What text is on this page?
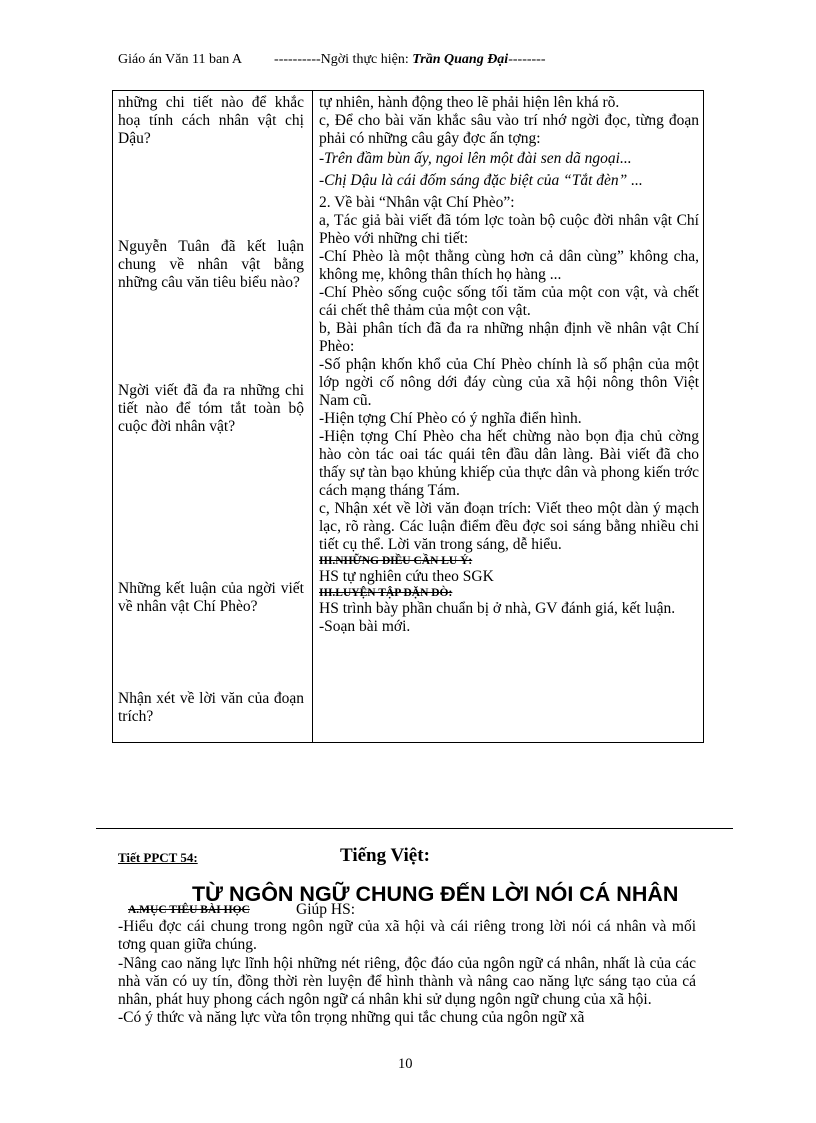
Giáo án Văn 11 ban A ----------Ngời thực hiện: Trần Quang Đại--------
những chi tiết nào để khắc hoạ tính cách nhân vật chị Dậu?
Nguyễn Tuân đã kết luận chung về nhân vật bằng những câu văn tiêu biểu nào?
Ngời viết đã đa ra những chi tiết nào để tóm tắt toàn bộ cuộc đời nhân vật?
Những kết luận của ngời viết về nhân vật Chí Phèo?
Nhận xét về lời văn của đoạn trích?

tự nhiên, hành động theo lẽ phải hiện lên khá rõ.

c, Để cho bài văn khắc sâu vào trí nhớ ngời đọc, từng đoạn phải có những câu gây đợc ấn tợng:

-Trên đầm bùn ấy, ngoi lên một đài sen dã ngoại...

-Chị Dậu là cái đốm sáng đặc biệt của “Tắt đèn” ...

2. Về bài “Nhân vật Chí Phèo”:

a, Tác giả bài viết đã tóm lợc toàn bộ cuộc đời nhân vật Chí Phèo với những chi tiết:

-Chí Phèo là một thằng cùng hơn cả dân cùng” không cha, không mẹ, không thân thích họ hàng ...

-Chí Phèo sống cuộc sống tối tăm của một con vật, và chết cái chết thê thảm của một con vật.

b, Bài phân tích đã đa ra những nhận định về nhân vật Chí Phèo:

-Số phận khốn khổ của Chí Phèo chính là số phận của một lớp ngời cố nông dới đáy cùng của xã hội nông thôn Việt Nam cũ.

-Hiện tợng Chí Phèo có ý nghĩa điển hình.

-Hiện tợng Chí Phèo cha hết chừng nào bọn địa chủ cờng hào còn tác oai tác quái tên đầu dân làng. Bài viết đã cho thấy sự tàn bạo khủng khiếp của thực dân và phong kiến trớc cách mạng tháng Tám.

c, Nhận xét về lời văn đoạn trích: Viết theo một dàn ý mạch lạc, rõ ràng. Các luận điểm đều đợc soi sáng bằng nhiều chi tiết cụ thể. Lời văn trong sáng, dễ hiểu.

III.NHỮNG ĐIỀU CẦN LU Ý:

HS tự nghiên cứu theo SGK

III.LUYỆN TẬP DẶN DÒ:

HS trình bày phần chuẩn bị ở nhà, GV đánh giá, kết luận.

-Soạn bài mới.

Tiết PPCT 54:	Tiếng Việt:
TỪ NGÔN NGỮ CHUNG ĐẾN LỜI NÓI CÁ NHÂN
A.MỤC TIÊU BÀI HỌC	Giúp HS:

-Hiểu đợc cái chung trong ngôn ngữ của xã hội và cái riêng trong lời nói cá nhân và mối tơng quan giữa chúng.

-Nâng cao năng lực lĩnh hội những nét riêng, độc đáo của ngôn ngữ cá nhân, nhất là của các nhà văn có uy tín, đồng thời rèn luyện để hình thành và nâng cao năng lực sáng tạo của cá nhân, phát huy phong cách ngôn ngữ cá nhân khi sử dụng ngôn ngữ chung của xã hội.

-Có ý thức và năng lực vừa tôn trọng những qui tắc chung của ngôn ngữ xã

10
